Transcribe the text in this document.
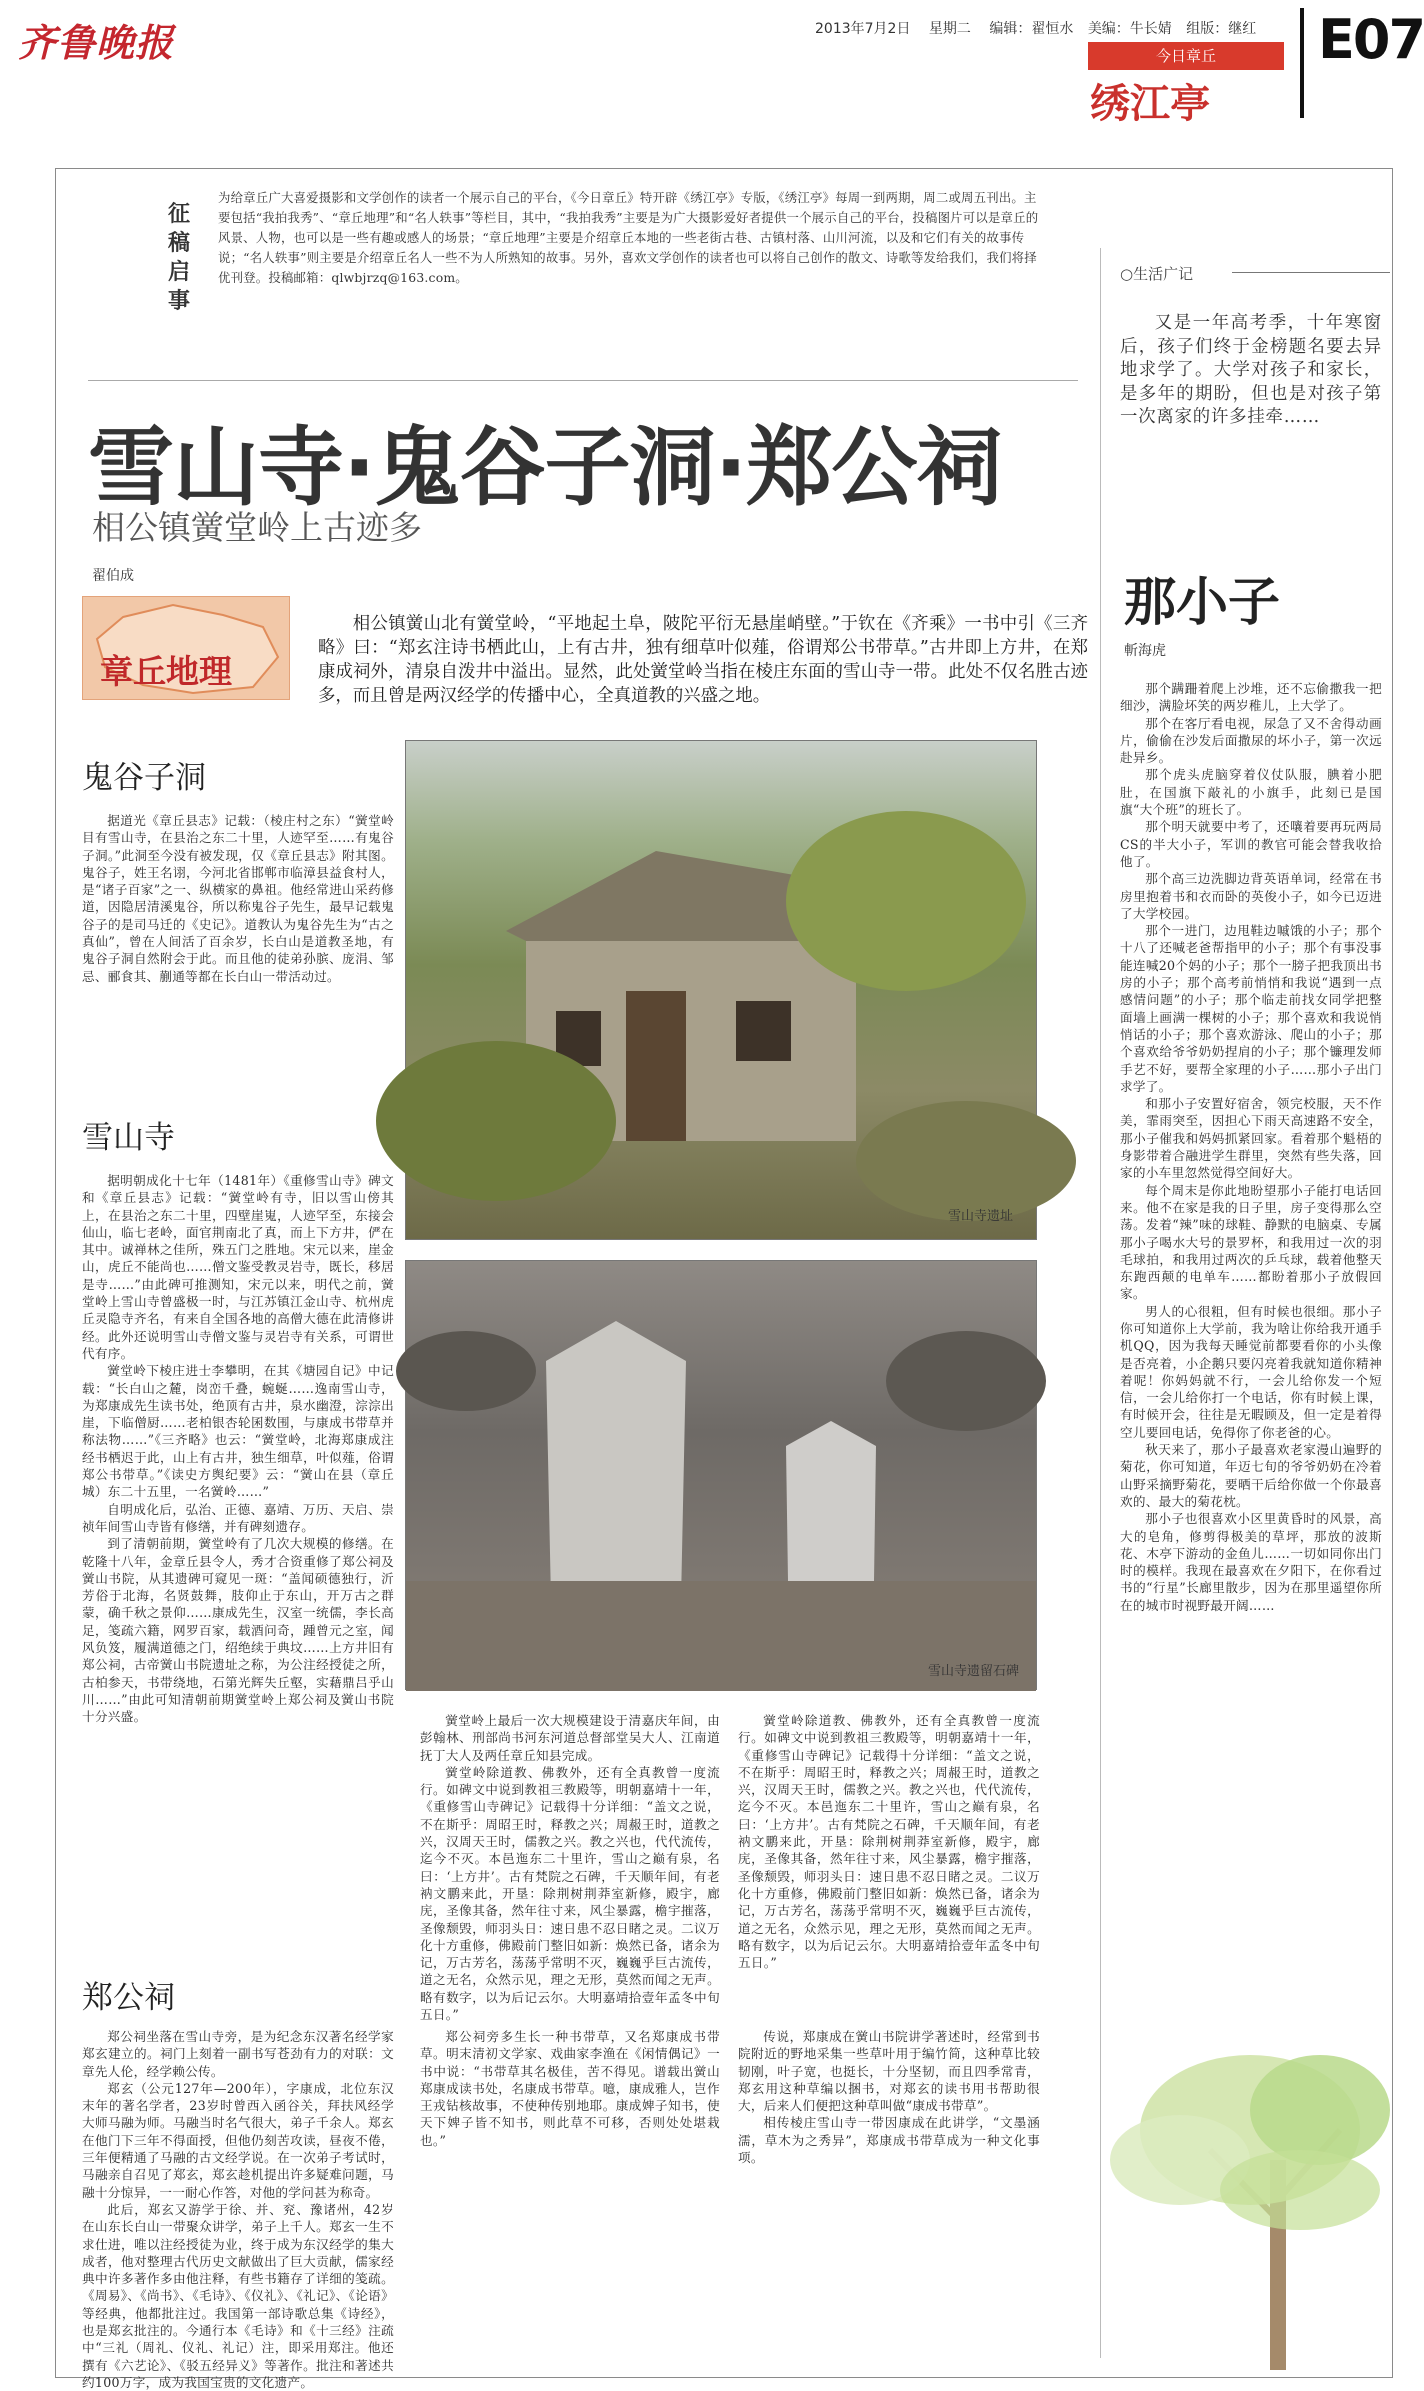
齐鲁晚报	2013年7月2日 星期二 编辑：翟恒水 美编：牛长婧 组版：继红
今日章丘
绣江亭
E07
征稿启事
为给章丘广大喜爱摄影和文学创作的读者一个展示自己的平台，《今日章丘》特开辟《绣江亭》专版，《绣江亭》每周一到两期，周二或周五刊出。主要包括“我拍我秀”、“章丘地理”和“名人轶事”等栏目，其中，“我拍我秀”主要是为广大摄影爱好者提供一个展示自己的平台，投稿图片可以是章丘的风景、人物，也可以是一些有趣或感人的场景；“章丘地理”主要是介绍章丘本地的一些老街古巷、古镇村落、山川河流，以及和它们有关的故事传说；“名人轶事”则主要是介绍章丘名人一些不为人所熟知的故事。另外，喜欢文学创作的读者也可以将自己创作的散文、诗歌等发给我们，我们将择优刊登。投稿邮箱：qlwbjrzq@163.com。
雪山寺·鬼谷子洞·郑公祠
相公镇黉堂岭上古迹多
翟伯成
章丘地理

相公镇黉山北有黉堂岭，“平地起土阜，陂陀平衍无悬崖峭壁。”于钦在《齐乘》一书中引《三齐略》曰：“郑玄注诗书栖此山，上有古井，独有细草叶似薤，俗谓郑公书带草。”古井即上方井，在郑康成祠外，清泉自泼井中溢出。显然，此处黉堂岭当指在棱庄东面的雪山寺一带。此处不仅名胜古迹多，而且曾是两汉经学的传播中心，全真道教的兴盛之地。

雪山寺遗址
雪山寺遗留石碑
鬼谷子洞

据道光《章丘县志》记载：（棱庄村之东）“黉堂岭目有雪山寺，在县治之东二十里，人迹罕至……有鬼谷子洞。”此洞至今没有被发现，仅《章丘县志》附其图。鬼谷子，姓王名诩，今河北省邯郸市临漳县益食村人，是“诸子百家”之一、纵横家的鼻祖。他经常进山采药修道，因隐居清溪鬼谷，所以称鬼谷子先生，最早记载鬼谷子的是司马迁的《史记》。道教认为鬼谷先生为“古之真仙”，曾在人间活了百余岁，长白山是道教圣地，有鬼谷子洞自然附会于此。而且他的徒弟孙膑、庞涓、邹忌、郦食其、蒯通等都在长白山一带活动过。

雪山寺

据明朝成化十七年（1481年）《重修雪山寺》碑文和《章丘县志》记载：“黉堂岭有寺，旧以雪山傍其上，在县治之东二十里，四壁崖嵬，人迹罕至，东接会仙山，临七老岭，面官荆南北了真，而上下方井，俨在其中。诚禅林之佳所，殊五门之胜地。宋元以来，崖金山，虎丘不能尚也……僧文鉴受教灵岩寺，既长，移居是寺……”由此碑可推测知，宋元以来，明代之前，黉堂岭上雪山寺曾盛极一时，与江苏镇江金山寺、杭州虎丘灵隐寺齐名，有来自全国各地的高僧大德在此清修讲经。此外还说明雪山寺僧文鉴与灵岩寺有关系，可谓世代有序。

黉堂岭下棱庄进士李攀明，在其《塘园自记》中记载：“长白山之麓，岗峦千叠，蜿蜒……逸南雪山寺，为郑康成先生读书处，绝顶有古井，泉水幽澄，淙淙出崖，下临僧厨……老柏银杏轮囷数围，与康成书带草并称法物……”《三齐略》也云：“黉堂岭，北海郑康成注经书栖迟于此，山上有古井，独生细草，叶似薤，俗谓郑公书带草。”《读史方舆纪要》云：“黉山在县（章丘城）东二十五里，一名黉岭……”

自明成化后，弘治、正德、嘉靖、万历、天启、崇祯年间雪山寺皆有修缮，并有碑刻遗存。

到了清朝前期，黉堂岭有了几次大规模的修缮。在乾隆十八年，金章丘县令人，秀才合资重修了郑公祠及黉山书院，从其遗碑可窥见一斑：“盖闻硕德独行，沂芳俗于北海，名贤鼓舞，肢仰止于东山，开万古之群蒙，确千秋之景仰……康成先生，汉室一统儒，李长高足，笺疏六籍，网罗百家，载酒问奇，踵曾元之室，闻风负笈，履满道德之门，绍绝续于典坟……上方井旧有郑公祠，古帝黉山书院遗址之称，为公注经授徒之所，古柏参天，书带绕地，石第光辉失丘壑，实藉鼎吕乎山川……”由此可知清朝前期黉堂岭上郑公祠及黉山书院十分兴盛。	黉堂岭上最后一次大规模建设于清嘉庆年间，由彭翰林、刑部尚书河东河道总督部堂吴大人、江南道抚丁大人及两任章丘知县完成。

黉堂岭除道教、佛教外，还有全真教曾一度流行。如碑文中说到教祖三教殿等，明朝嘉靖十一年，《重修雪山寺碑记》记载得十分详细：“盖文之说，不在斯乎：周昭王时，释教之兴；周赧王时，道教之兴，汉周天王时，儒教之兴。教之兴也，代代流传，迄今不灭。本邑迤东二十里许，雪山之巅有泉，名曰：‘上方井’。古有梵院之石碑，千天顺年间，有老衲文鹏来此，开垦：除荆树荆莽室新修，殿宇，廊庑，圣像其备，然年往寸来，风尘暴露，檐宇摧落，圣像颓毁，师羽头日：速日患不忍日睹之灵。二议万化十方重修，佛殿前门整旧如新：焕然已备，诸余为记，万古芳名，荡荡乎常明不灭，巍巍乎巨古流传，道之无名，众然示见，理之无形，莫然而闻之无声。略有数字，以为后记云尔。大明嘉靖拾壹年孟冬中旬五日。”

黉堂岭除道教、佛教外，还有全真教曾一度流行。如碑文中说到教祖三教殿等，明朝嘉靖十一年，《重修雪山寺碑记》记载得十分详细：“盖文之说，不在斯乎：周昭王时，释教之兴；周赧王时，道教之兴，汉周天王时，儒教之兴。教之兴也，代代流传，迄今不灭。本邑迤东二十里许，雪山之巅有泉，名曰：‘上方井’。古有梵院之石碑，千天顺年间，有老衲文鹏来此，开垦：除荆树荆莽室新修，殿宇，廊庑，圣像其备，然年往寸来，风尘暴露，檐宇摧落，圣像颓毁，师羽头日：速日患不忍日睹之灵。二议万化十方重修，佛殿前门整旧如新：焕然已备，诸余为记，万古芳名，荡荡乎常明不灭，巍巍乎巨古流传，道之无名，众然示见，理之无形，莫然而闻之无声。略有数字，以为后记云尔。大明嘉靖拾壹年孟冬中旬五日。”

郑公祠

郑公祠坐落在雪山寺旁，是为纪念东汉著名经学家郑玄建立的。祠门上刻着一副书写苍劲有力的对联：文章先人伦，经学赖公传。

郑玄（公元127年—200年），字康成，北位东汉末年的著名学者，23岁时曾西入函谷关，拜扶风经学大师马融为师。马融当时名气很大，弟子千余人。郑玄在他门下三年不得面授，但他仍刻苦攻读，昼夜不倦，三年便精通了马融的古文经学说。在一次弟子考试时，马融亲自召见了郑玄，郑玄趁机提出许多疑难问题，马融十分惊异，一一耐心作答，对他的学问甚为称奇。

此后，郑玄又游学于徐、并、兖、豫诸州，42岁在山东长白山一带聚众讲学，弟子上千人。郑玄一生不求仕进，唯以注经授徒为业，终于成为东汉经学的集大成者，他对整理古代历史文献做出了巨大贡献，儒家经典中许多著作多由他注释，有些书籍存了详细的笺疏。《周易》、《尚书》、《毛诗》、《仪礼》、《礼记》、《论语》等经典，他都批注过。我国第一部诗歌总集《诗经》，也是郑玄批注的。今通行本《毛诗》和《十三经》注疏中“三礼（周礼、仪礼、礼记）注，即采用郑注。他还撰有《六艺论》、《驳五经异义》等著作。批注和著述共约100万字，成为我国宝贵的文化遗产。

郑公祠旁多生长一种书带草，又名郑康成书带草。明末清初文学家、戏曲家李渔在《闲情偶记》一书中说：“书带草其名极佳，苦不得见。谱载出黉山郑康成读书处，名康成书带草。噫，康成雅人，岂作王戎钻核故事，不使种传别地耶。康成婢子知书，使天下婢子皆不知书，则此草不可移，否则处处堪栽也。”

传说，郑康成在黉山书院讲学著述时，经常到书院附近的野地采集一些草叶用于编竹简，这种草比较韧刚，叶子宽，也挺长，十分坚韧，而且四季常青，郑玄用这种草编以捆书，对郑玄的读书用书帮助很大，后来人们便把这种草叫做“康成书带草”。

相传棱庄雪山寺一带因康成在此讲学，“文墨涵濡，草木为之秀异”，郑康成书带草成为一种文化事项。

○生活广记

又是一年高考季，十年寒窗后，孩子们终于金榜题名要去异地求学了。大学对孩子和家长，是多年的期盼，但也是对孩子第一次离家的许多挂牵……

那小子
斬海虎

那个蹒跚着爬上沙堆，还不忘偷撒我一把细沙，满脸坏笑的两岁稚儿，上大学了。

那个在客厅看电视，尿急了又不舍得动画片，偷偷在沙发后面撒尿的坏小子，第一次远赴异乡。

那个虎头虎脑穿着仪仗队服，腆着小肥肚，在国旗下敲礼的小旗手，此刻已是国旗“大个班”的班长了。

那个明天就要中考了，还嚷着要再玩两局CS的半大小子，军训的教官可能会替我收拾他了。

那个高三边洗脚边背英语单词，经常在书房里抱着书和衣而卧的英俊小子，如今已迈进了大学校园。

那个一进门，边甩鞋边嘁饿的小子；那个十八了还喊老爸帮指甲的小子；那个有事没事能连喊20个妈的小子；那个一膀子把我顶出书房的小子；那个高考前悄悄和我说“遇到一点感情问题”的小子；那个临走前找女同学把整面墙上画满一棵树的小子；那个喜欢和我说悄悄话的小子；那个喜欢游泳、爬山的小子；那个喜欢给爷爷奶奶捏肩的小子；那个镰理发师手艺不好，要帮全家理的小子……那小子出门求学了。

和那小子安置好宿舍，领完校服，天不作美，霏雨突至，因担心下雨天高速路不安全，那小子催我和妈妈抓紧回家。看着那个魁梧的身影带着合融进学生群里，突然有些失落，回家的小车里忽然觉得空间好大。

每个周末是你此地盼望那小子能打电话回来。他不在家是我的日子里，房子变得那么空荡。发着“辣”味的球鞋、静默的电脑桌、专属那小子喝水大号的景罗杯，和我用过一次的羽毛球拍，和我用过两次的乒乓球，载着他整天东跑西颠的电单车……都盼着那小子放假回家。

男人的心很粗，但有时候也很细。那小子你可知道你上大学前，我为啥让你给我开通手机QQ，因为我每天睡觉前都要看你的小头像是否亮着，小企鹅只要闪亮着我就知道你精神着呢！你妈妈就不行，一会儿给你发一个短信，一会儿给你打一个电话，你有时候上课，有时候开会，往往是无暇顾及，但一定是着得空儿要回电话，免得你了你老爸的心。

秋天来了，那小子最喜欢老家漫山遍野的菊花，你可知道，年迈七旬的爷爷奶奶在冷着山野采摘野菊花，要晒干后给你做一个你最喜欢的、最大的菊花枕。

那小子也很喜欢小区里黄昏时的风景，高大的皂角，修剪得极美的草坪，那放的波斯花、木亭下游动的金鱼儿……一切如同你出门时的模样。我现在最喜欢在夕阳下，在你看过书的“行星”长廊里散步，因为在那里遥望你所在的城市时视野最开阔……
